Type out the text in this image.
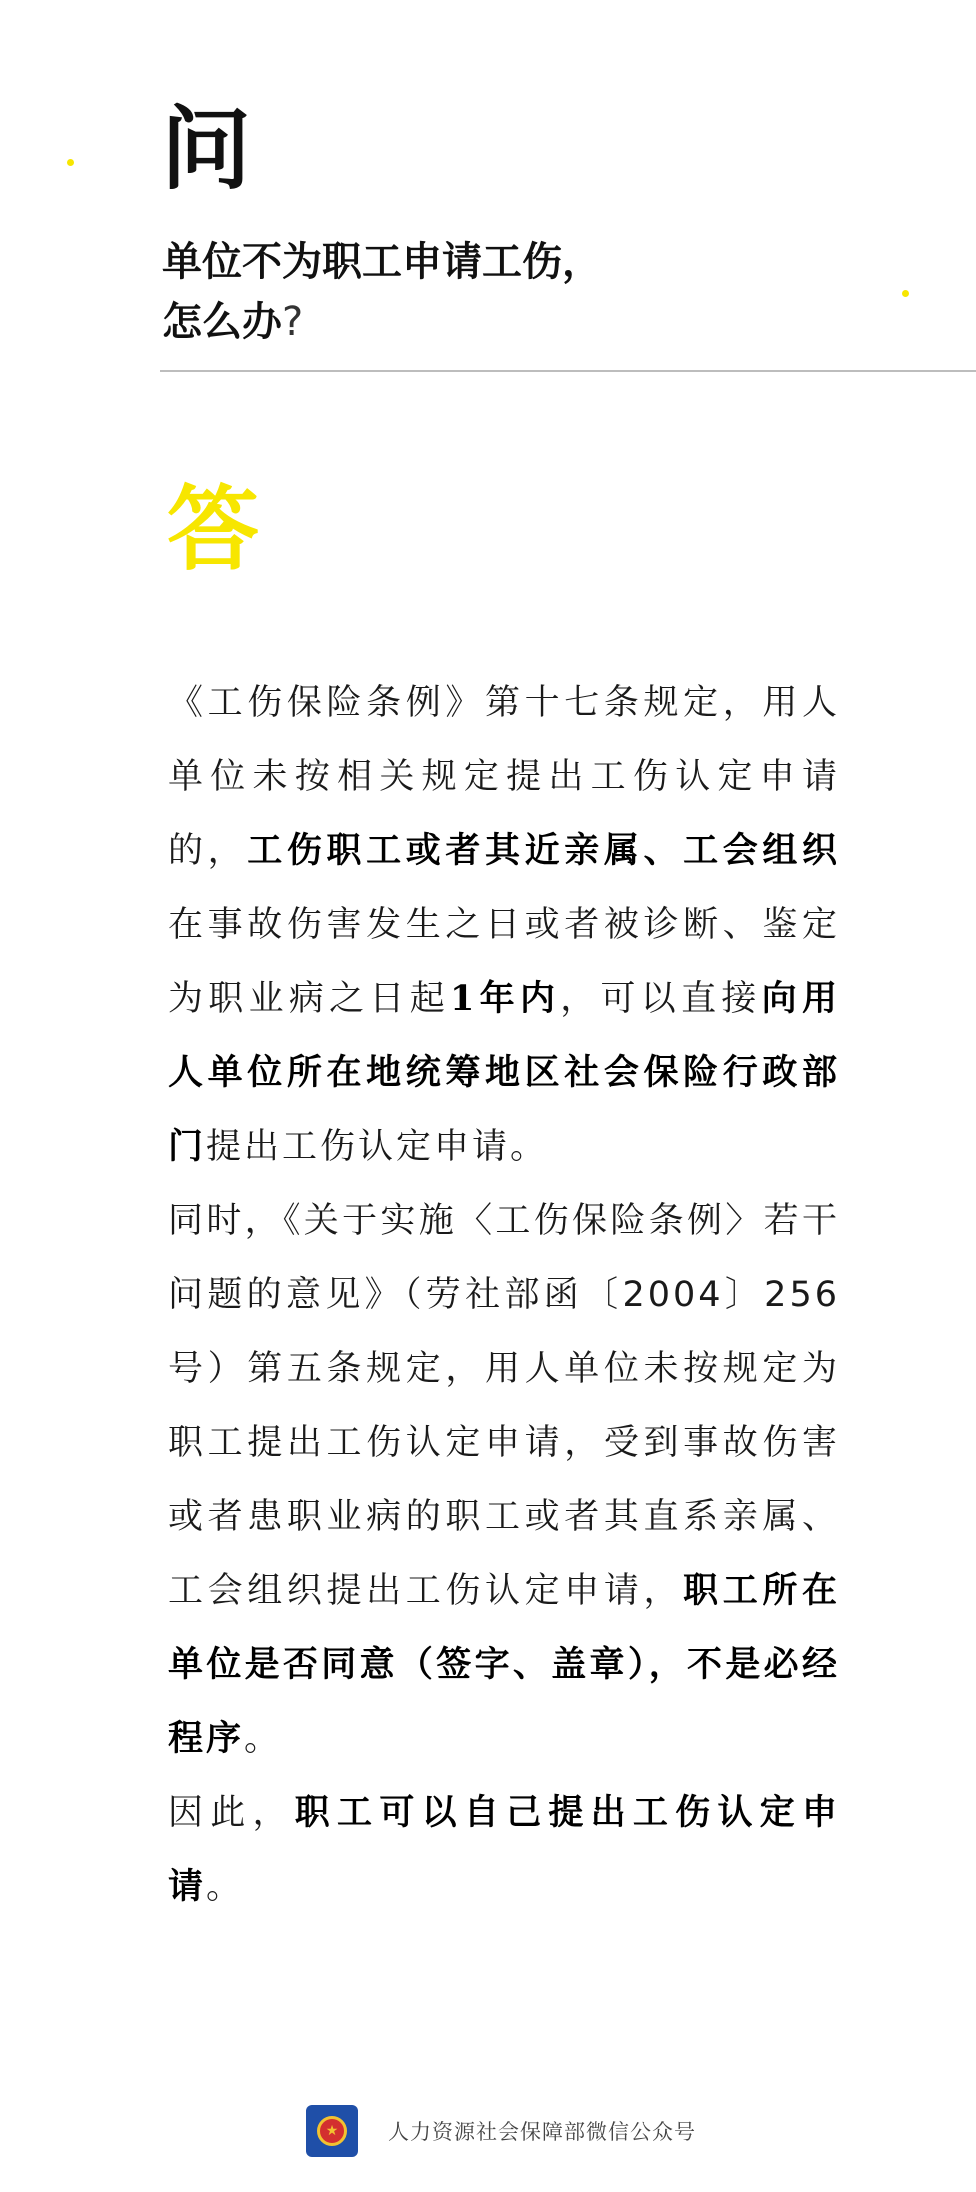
问
单位不为职工申请工伤，
怎么办?
答

《工伤保险条例》第十七条规定，用人单位未按相关规定提出工伤认定申请的，工伤职工或者其近亲属、工会组织在事故伤害发生之日或者被诊断、鉴定为职业病之日起1年内，可以直接向用人单位所在地统筹地区社会保险行政部门提出工伤认定申请。

同时，《关于实施〈工伤保险条例〉若干问题的意见》（劳社部函〔2004〕256号）第五条规定，用人单位未按规定为职工提出工伤认定申请，受到事故伤害或者患职业病的职工或者其直系亲属、工会组织提出工伤认定申请，职工所在单位是否同意（签字、盖章），不是必经程序。

因此，职工可以自己提出工伤认定申请。

★	人力资源社会保障部微信公众号
